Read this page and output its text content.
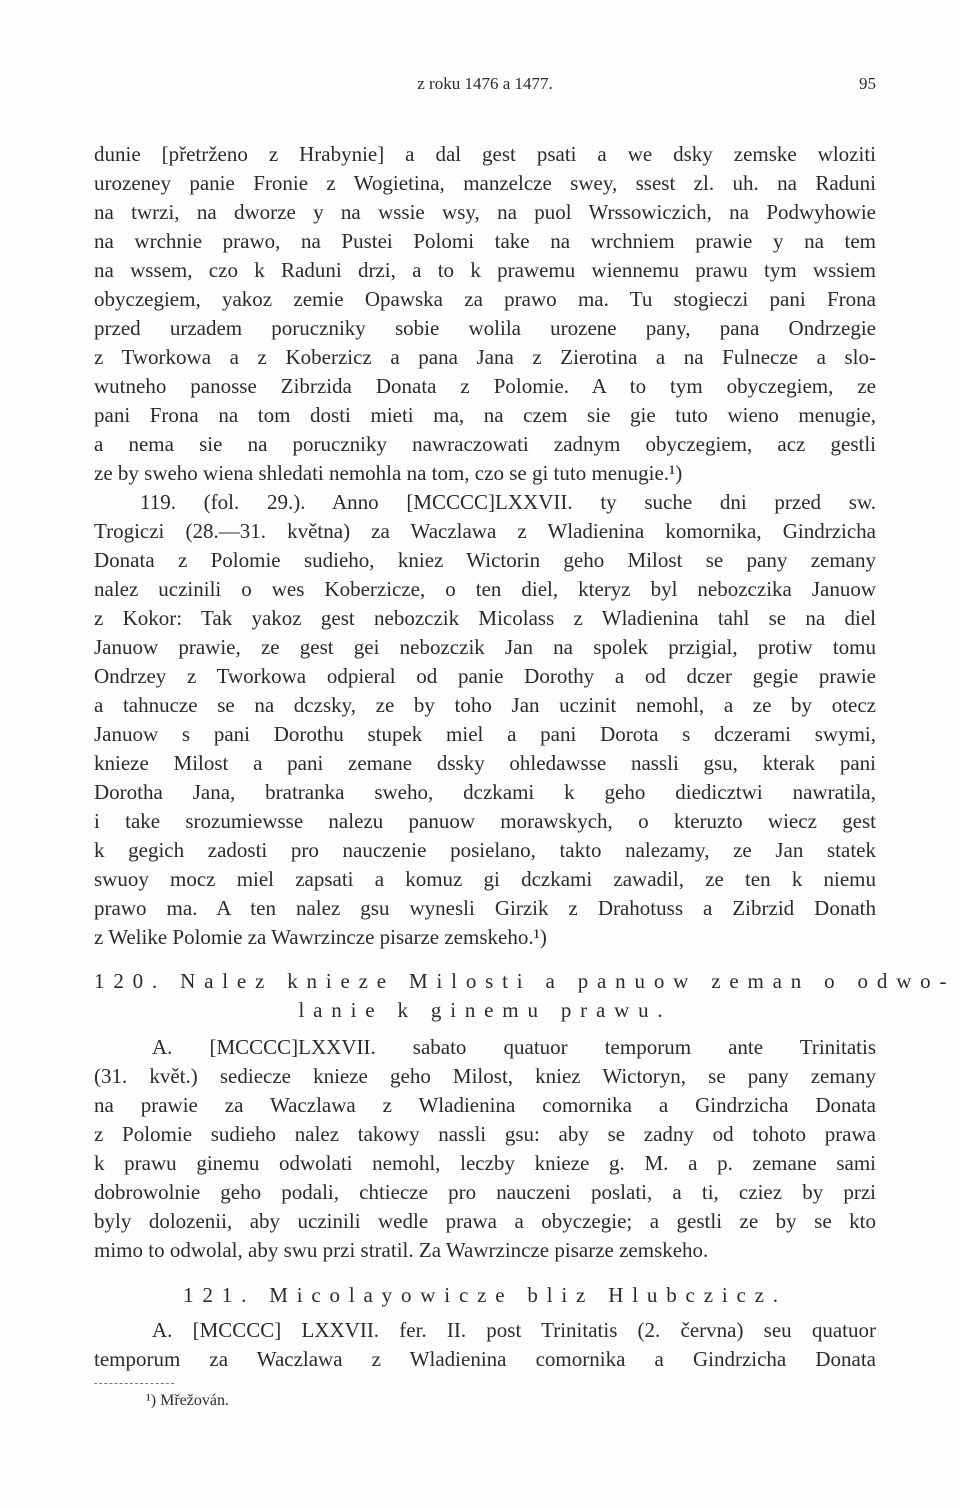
z roku 1476 a 1477.	95
dunie [přetrženo z Hrabynie] a dal gest psati a we dsky zemske wloziti
urozeney panie Fronie z Wogietina, manzelcze swey, ssest zl. uh. na Raduni
na twrzi, na dworze y na wssie wsy, na puol Wrssowiczich, na Podwyhowie
na wrchnie prawo, na Pustei Polomi take na wrchniem prawie y na tem
na wssem, czo k Raduni drzi, a to k prawemu wiennemu prawu tym wssiem
obyczegiem, yakoz zemie Opawska za prawo ma. Tu stogieczi pani Frona
przed urzadem poruczniky sobie wolila urozene pany, pana Ondrzegie
z Tworkowa a z Koberzicz a pana Jana z Zierotina a na Fulnecze a slo-
wutneho panosse Zibrzida Donata z Polomie. A to tym obyczegiem, ze
pani Frona na tom dosti mieti ma, na czem sie gie tuto wieno menugie,
a nema sie na poruczniky nawraczowati zadnym obyczegiem, acz gestli
ze by sweho wiena shledati nemohla na tom, czo se gi tuto menugie.¹)
119. (fol. 29.). Anno [MCCCC]LXXVII. ty suche dni przed sw.
Trogiczi (28.—31. května) za Waczlawa z Wladienina komornika, Gindrzicha
Donata z Polomie sudieho, kniez Wictorin geho Milost se pany zemany
nalez uczinili o wes Koberzicze, o ten diel, kteryz byl nebozczika Januow
z Kokor: Tak yakoz gest nebozczik Micolass z Wladienina tahl se na diel
Januow prawie, ze gest gei nebozczik Jan na spolek przigial, protiw tomu
Ondrzey z Tworkowa odpieral od panie Dorothy a od dczer gegie prawie
a tahnucze se na dczsky, ze by toho Jan uczinit nemohl, a ze by otecz
Januow s pani Dorothu stupek miel a pani Dorota s dczerami swymi,
knieze Milost a pani zemane dssky ohledawsse nassli gsu, kterak pani
Dorotha Jana, bratranka sweho, dczkami k geho diedicztwi nawratila,
i take srozumiewsse nalezu panuow morawskych, o kteruzto wiecz gest
k gegich zadosti pro nauczenie posielano, takto nalezamy, ze Jan statek
swuoy mocz miel zapsati a komuz gi dczkami zawadil, ze ten k niemu
prawo ma. A ten nalez gsu wynesli Girzik z Drahotuss a Zibrzid Donath
z Welike Polomie za Wawrzincze pisarze zemskeho.¹)
120. Nalez knieze Milosti a panuow zeman o odwo-
lanie k ginemu prawu.
A. [MCCCC]LXXVII. sabato quatuor temporum ante Trinitatis
(31. květ.) sediecze knieze geho Milost, kniez Wictoryn, se pany zemany
na prawie za Waczlawa z Wladienina comornika a Gindrzicha Donata
z Polomie sudieho nalez takowy nassli gsu: aby se zadny od tohoto prawa
k prawu ginemu odwolati nemohl, leczby knieze g. M. a p. zemane sami
dobrowolnie geho podali, chtiecze pro nauczeni poslati, a ti, cziez by przi
byly dolozenii, aby uczinili wedle prawa a obyczegie; a gestli ze by se kto
mimo to odwolal, aby swu przi stratil. Za Wawrzincze pisarze zemskeho.
121. Micolayowicze bliz Hlubczicz.
A. [MCCCC] LXXVII. fer. II. post Trinitatis (2. června) seu quatuor
temporum za Waczlawa z Wladienina comornika a Gindrzicha Donata
¹) Mřežován.
